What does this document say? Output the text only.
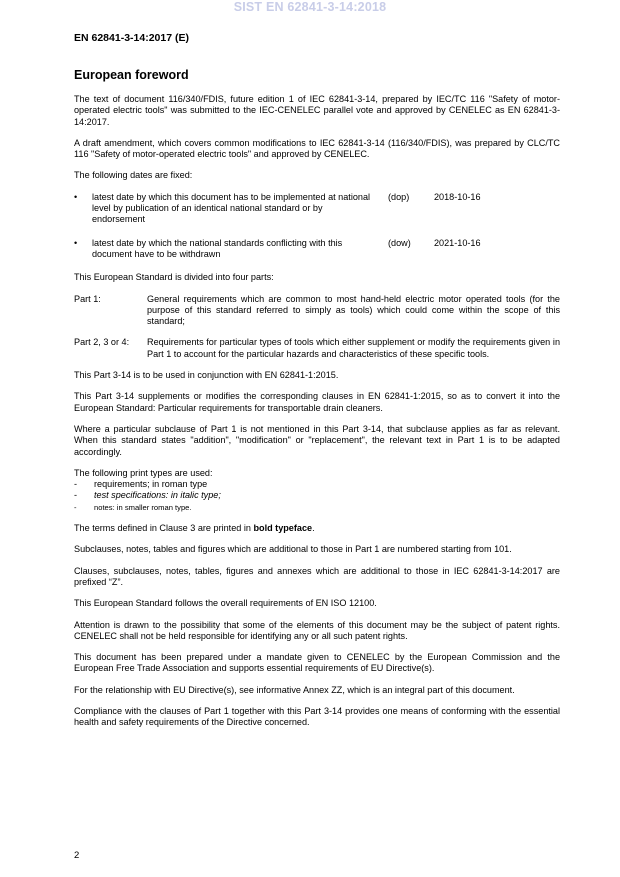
SIST EN 62841-3-14:2018
EN 62841-3-14:2017 (E)
European foreword

The text of document 116/340/FDIS, future edition 1 of IEC 62841-3-14, prepared by IEC/TC 116 "Safety of motor-operated electric tools" was submitted to the IEC-CENELEC parallel vote and approved by CENELEC as EN 62841-3-14:2017.

A draft amendment, which covers common modifications to IEC 62841-3-14 (116/340/FDIS), was prepared by CLC/TC 116 "Safety of motor-operated electric tools" and approved by CENELEC.

The following dates are fixed:

• latest date by which this document has to be implemented at national level by publication of an identical national standard or by endorsement
(dop)	2018-10-16
• latest date by which the national standards conflicting with this document have to be withdrawn
(dow)	2021-10-16

This European Standard is divided into four parts:

Part 1:	General requirements which are common to most hand-held electric motor operated tools (for the purpose of this standard referred to simply as tools) which could come within the scope of this standard;
Part 2, 3 or 4:	Requirements for particular types of tools which either supplement or modify the requirements given in Part 1 to account for the particular hazards and characteristics of these specific tools.

This Part 3-14 is to be used in conjunction with EN 62841-1:2015.

This Part 3-14 supplements or modifies the corresponding clauses in EN 62841-1:2015, so as to convert it into the European Standard: Particular requirements for transportable drain cleaners.

Where a particular subclause of Part 1 is not mentioned in this Part 3-14, that subclause applies as far as relevant. When this standard states "addition", "modification" or "replacement", the relevant text in Part 1 is to be adapted accordingly.

The following print types are used:
-	requirements; in roman type
-	test specifications: in italic type;
-	notes: in smaller roman type.

The terms defined in Clause 3 are printed in bold typeface.

Subclauses, notes, tables and figures which are additional to those in Part 1 are numbered starting from 101.

Clauses, subclauses, notes, tables, figures and annexes which are additional to those in IEC 62841-3-14:2017 are prefixed “Z”.

This European Standard follows the overall requirements of EN ISO 12100.

Attention is drawn to the possibility that some of the elements of this document may be the subject of patent rights. CENELEC shall not be held responsible for identifying any or all such patent rights.

This document has been prepared under a mandate given to CENELEC by the European Commission and the European Free Trade Association and supports essential requirements of EU Directive(s).

For the relationship with EU Directive(s), see informative Annex ZZ, which is an integral part of this document.

Compliance with the clauses of Part 1 together with this Part 3-14 provides one means of conforming with the essential health and safety requirements of the Directive concerned.

2
